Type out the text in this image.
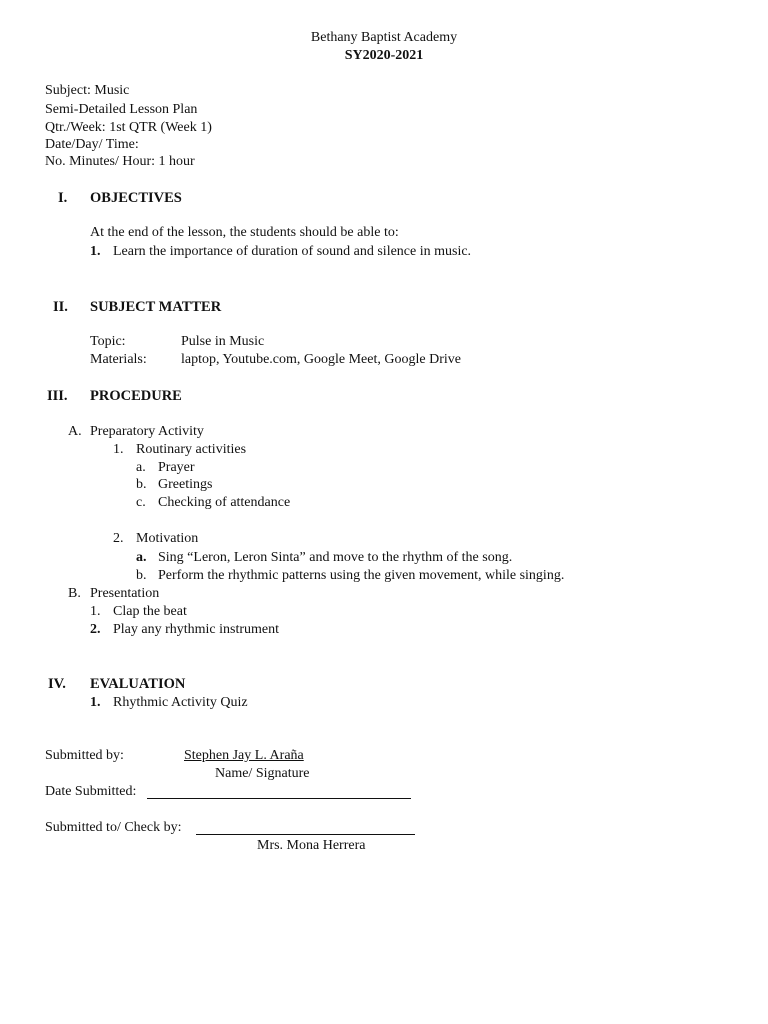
Bethany Baptist Academy
SY2020-2021
Subject: Music
Semi-Detailed Lesson Plan
Qtr./Week: 1st QTR (Week 1)
Date/Day/ Time:
No. Minutes/ Hour: 1 hour
I. OBJECTIVES
At the end of the lesson, the students should be able to:
1. Learn the importance of duration of sound and silence in music.
II. SUBJECT MATTER
Topic:	Pulse in Music
Materials: laptop, Youtube.com, Google Meet, Google Drive
III. PROCEDURE
A. Preparatory Activity
1. Routinary activities
a. Prayer
b. Greetings
c. Checking of attendance
2. Motivation
a. Sing “Leron, Leron Sinta” and move to the rhythm of the song.
b. Perform the rhythmic patterns using the given movement, while singing.
B. Presentation
1. Clap the beat
2. Play any rhythmic instrument
IV. EVALUATION
1. Rhythmic Activity Quiz
Submitted by:	Stephen Jay L. Araña
Name/ Signature
Date Submitted:
Submitted to/ Check by:
Mrs. Mona Herrera
